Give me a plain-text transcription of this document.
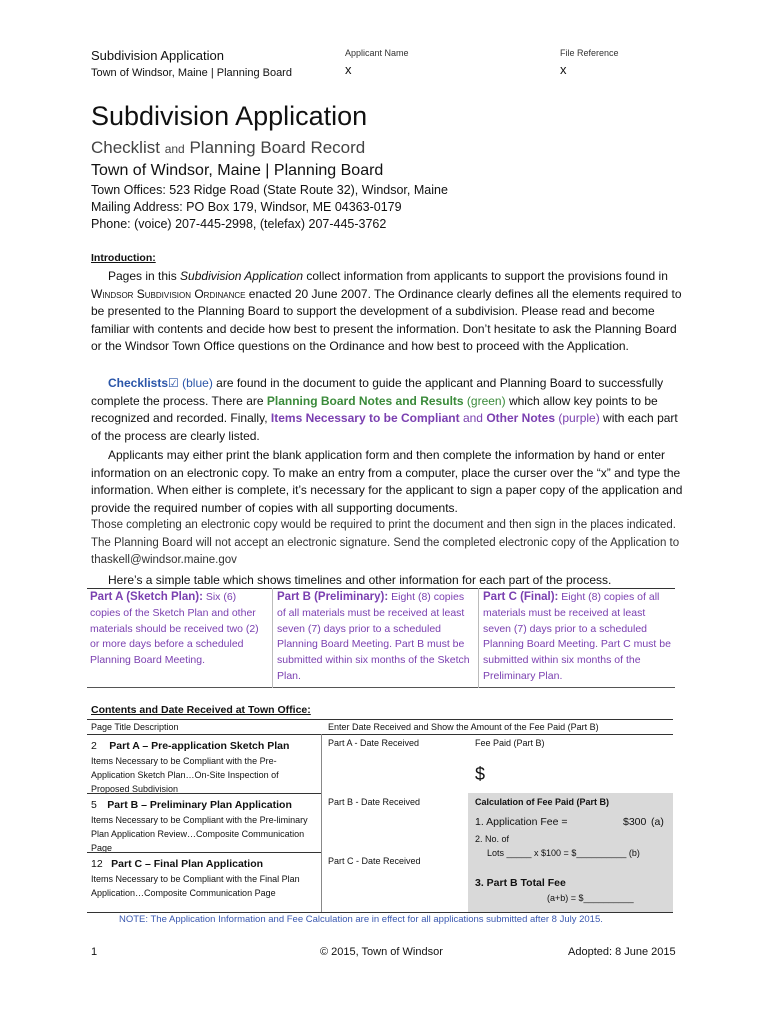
Subdivision Application
Town of Windsor, Maine | Planning Board
Applicant Name
x
File Reference
x
Subdivision Application
Checklist and Planning Board Record
Town of Windsor, Maine | Planning Board
Town Offices: 523 Ridge Road (State Route 32), Windsor, Maine
Mailing Address: PO Box 179, Windsor, ME 04363-0179
Phone: (voice) 207-445-2998, (telefax) 207-445-3762
Introduction:
Pages in this Subdivision Application collect information from applicants to support the provisions found in Windsor Subdivision Ordinance enacted 20 June 2007. The Ordinance clearly defines all the elements required to be presented to the Planning Board to support the development of a subdivision. Please read and become familiar with contents and decide how best to present the information. Don’t hesitate to ask the Planning Board or the Windsor Town Office questions on the Ordinance and how best to proceed with the Application.
Checklists☑ (blue) are found in the document to guide the applicant and Planning Board to successfully complete the process. There are Planning Board Notes and Results (green) which allow key points to be recognized and recorded. Finally, Items Necessary to be Compliant and Other Notes (purple) with each part of the process are clearly listed.
Applicants may either print the blank application form and then complete the information by hand or enter information on an electronic copy. To make an entry from a computer, place the curser over the “x” and type the information. When either is complete, it’s necessary for the applicant to sign a paper copy of the application and provide the required number of copies with all supporting documents.
Those completing an electronic copy would be required to print the document and then sign in the places indicated. The Planning Board will not accept an electronic signature. Send the completed electronic copy of the Application to thaskell@windsor.maine.gov
Here’s a simple table which shows timelines and other information for each part of the process.
Part A (Sketch Plan): Six (6) copies of the Sketch Plan and other materials should be received two (2) or more days before a scheduled Planning Board Meeting.
Part B (Preliminary): Eight (8) copies of all materials must be received at least seven (7) days prior to a scheduled Planning Board Meeting. Part B must be submitted within six months of the Sketch Plan.
Part C (Final): Eight (8) copies of all materials must be received at least seven (7) days prior to a scheduled Planning Board Meeting. Part C must be submitted within six months of the Preliminary Plan.
Contents and Date Received at Town Office:
Page Title Description	Enter Date Received and Show the Amount of the Fee Paid (Part B)
2 Part A – Pre-application Sketch Plan
Items Necessary to be Compliant with the Pre-Application Sketch Plan…On-Site Inspection of Proposed Subdivision
Part A - Date Received	Fee Paid (Part B)
$
5 Part B – Preliminary Plan Application
Items Necessary to be Compliant with the Pre-liminary Plan Application Review…Composite Communication Page
Part B - Date Received	Calculation of Fee Paid (Part B)
1. Application Fee =	$300 (a)
2. No. of
Lots _____ x $100 = $__________ (b)
12 Part C – Final Plan Application
Items Necessary to be Compliant with the Final Plan Application…Composite Communication Page
Part C - Date Received
3. Part B Total Fee
(a+b) = $__________
NOTE: The Application Information and Fee Calculation are in effect for all applications submitted after 8 July 2015.
1	© 2015, Town of Windsor	Adopted: 8 June 2015
